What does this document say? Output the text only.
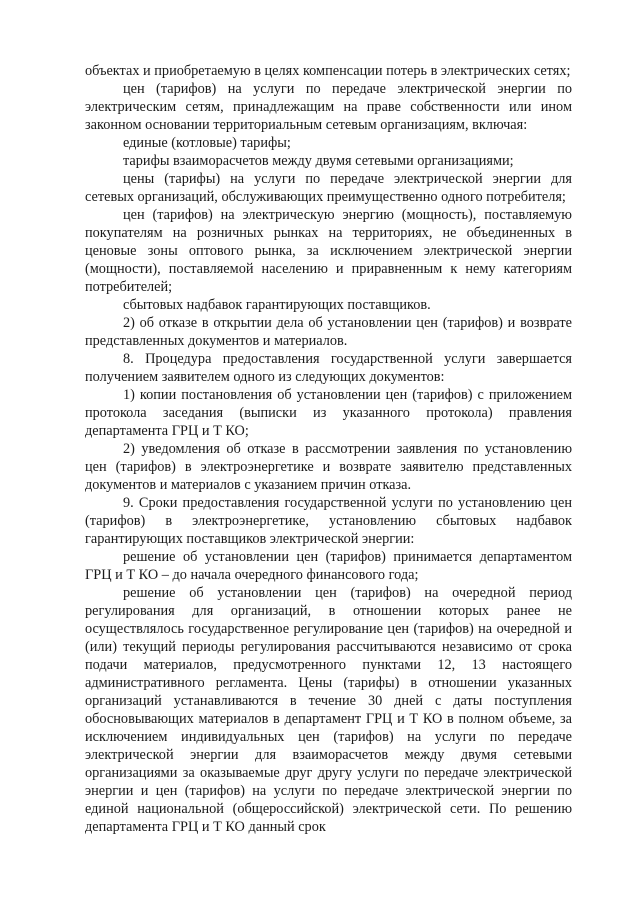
объектах и приобретаемую в целях компенсации потерь в электрических сетях;

цен (тарифов) на услуги по передаче электрической энергии по электрическим сетям, принадлежащим на праве собственности или ином законном основании территориальным сетевым организациям, включая:

единые (котловые) тарифы;

тарифы взаиморасчетов между двумя сетевыми организациями;

цены (тарифы) на услуги по передаче электрической энергии для сетевых организаций, обслуживающих преимущественно одного потребителя;

цен (тарифов) на электрическую энергию (мощность), поставляемую покупателям на розничных рынках на территориях, не объединенных в ценовые зоны оптового рынка, за исключением электрической энергии (мощности), поставляемой населению и приравненным к нему категориям потребителей;

сбытовых надбавок гарантирующих поставщиков.

2) об отказе в открытии дела об установлении цен (тарифов) и возврате представленных документов и материалов.

8. Процедура предоставления государственной услуги завершается получением заявителем одного из следующих документов:

1) копии постановления об установлении цен (тарифов) с приложением протокола заседания (выписки из указанного протокола) правления департамента ГРЦ и Т КО;

2) уведомления об отказе в рассмотрении заявления по установлению цен (тарифов) в электроэнергетике и возврате заявителю представленных документов и материалов с указанием причин отказа.

9. Сроки предоставления государственной услуги по установлению цен (тарифов) в электроэнергетике, установлению сбытовых надбавок гарантирующих поставщиков электрической энергии:

решение об установлении цен (тарифов) принимается департаментом ГРЦ и Т КО – до начала очередного финансового года;

решение об установлении цен (тарифов) на очередной период регулирования для организаций, в отношении которых ранее не осуществлялось государственное регулирование цен (тарифов) на очередной и (или) текущий периоды регулирования рассчитываются независимо от срока подачи материалов, предусмотренного пунктами 12, 13 настоящего административного регламента. Цены (тарифы) в отношении указанных организаций устанавливаются в течение 30 дней с даты поступления обосновывающих материалов в департамент ГРЦ и Т КО в полном объеме, за исключением индивидуальных цен (тарифов) на услуги по передаче электрической энергии для взаиморасчетов между двумя сетевыми организациями за оказываемые друг другу услуги по передаче электрической энергии и цен (тарифов) на услуги по передаче электрической энергии по единой национальной (общероссийской) электрической сети. По решению департамента ГРЦ и Т КО данный срок
